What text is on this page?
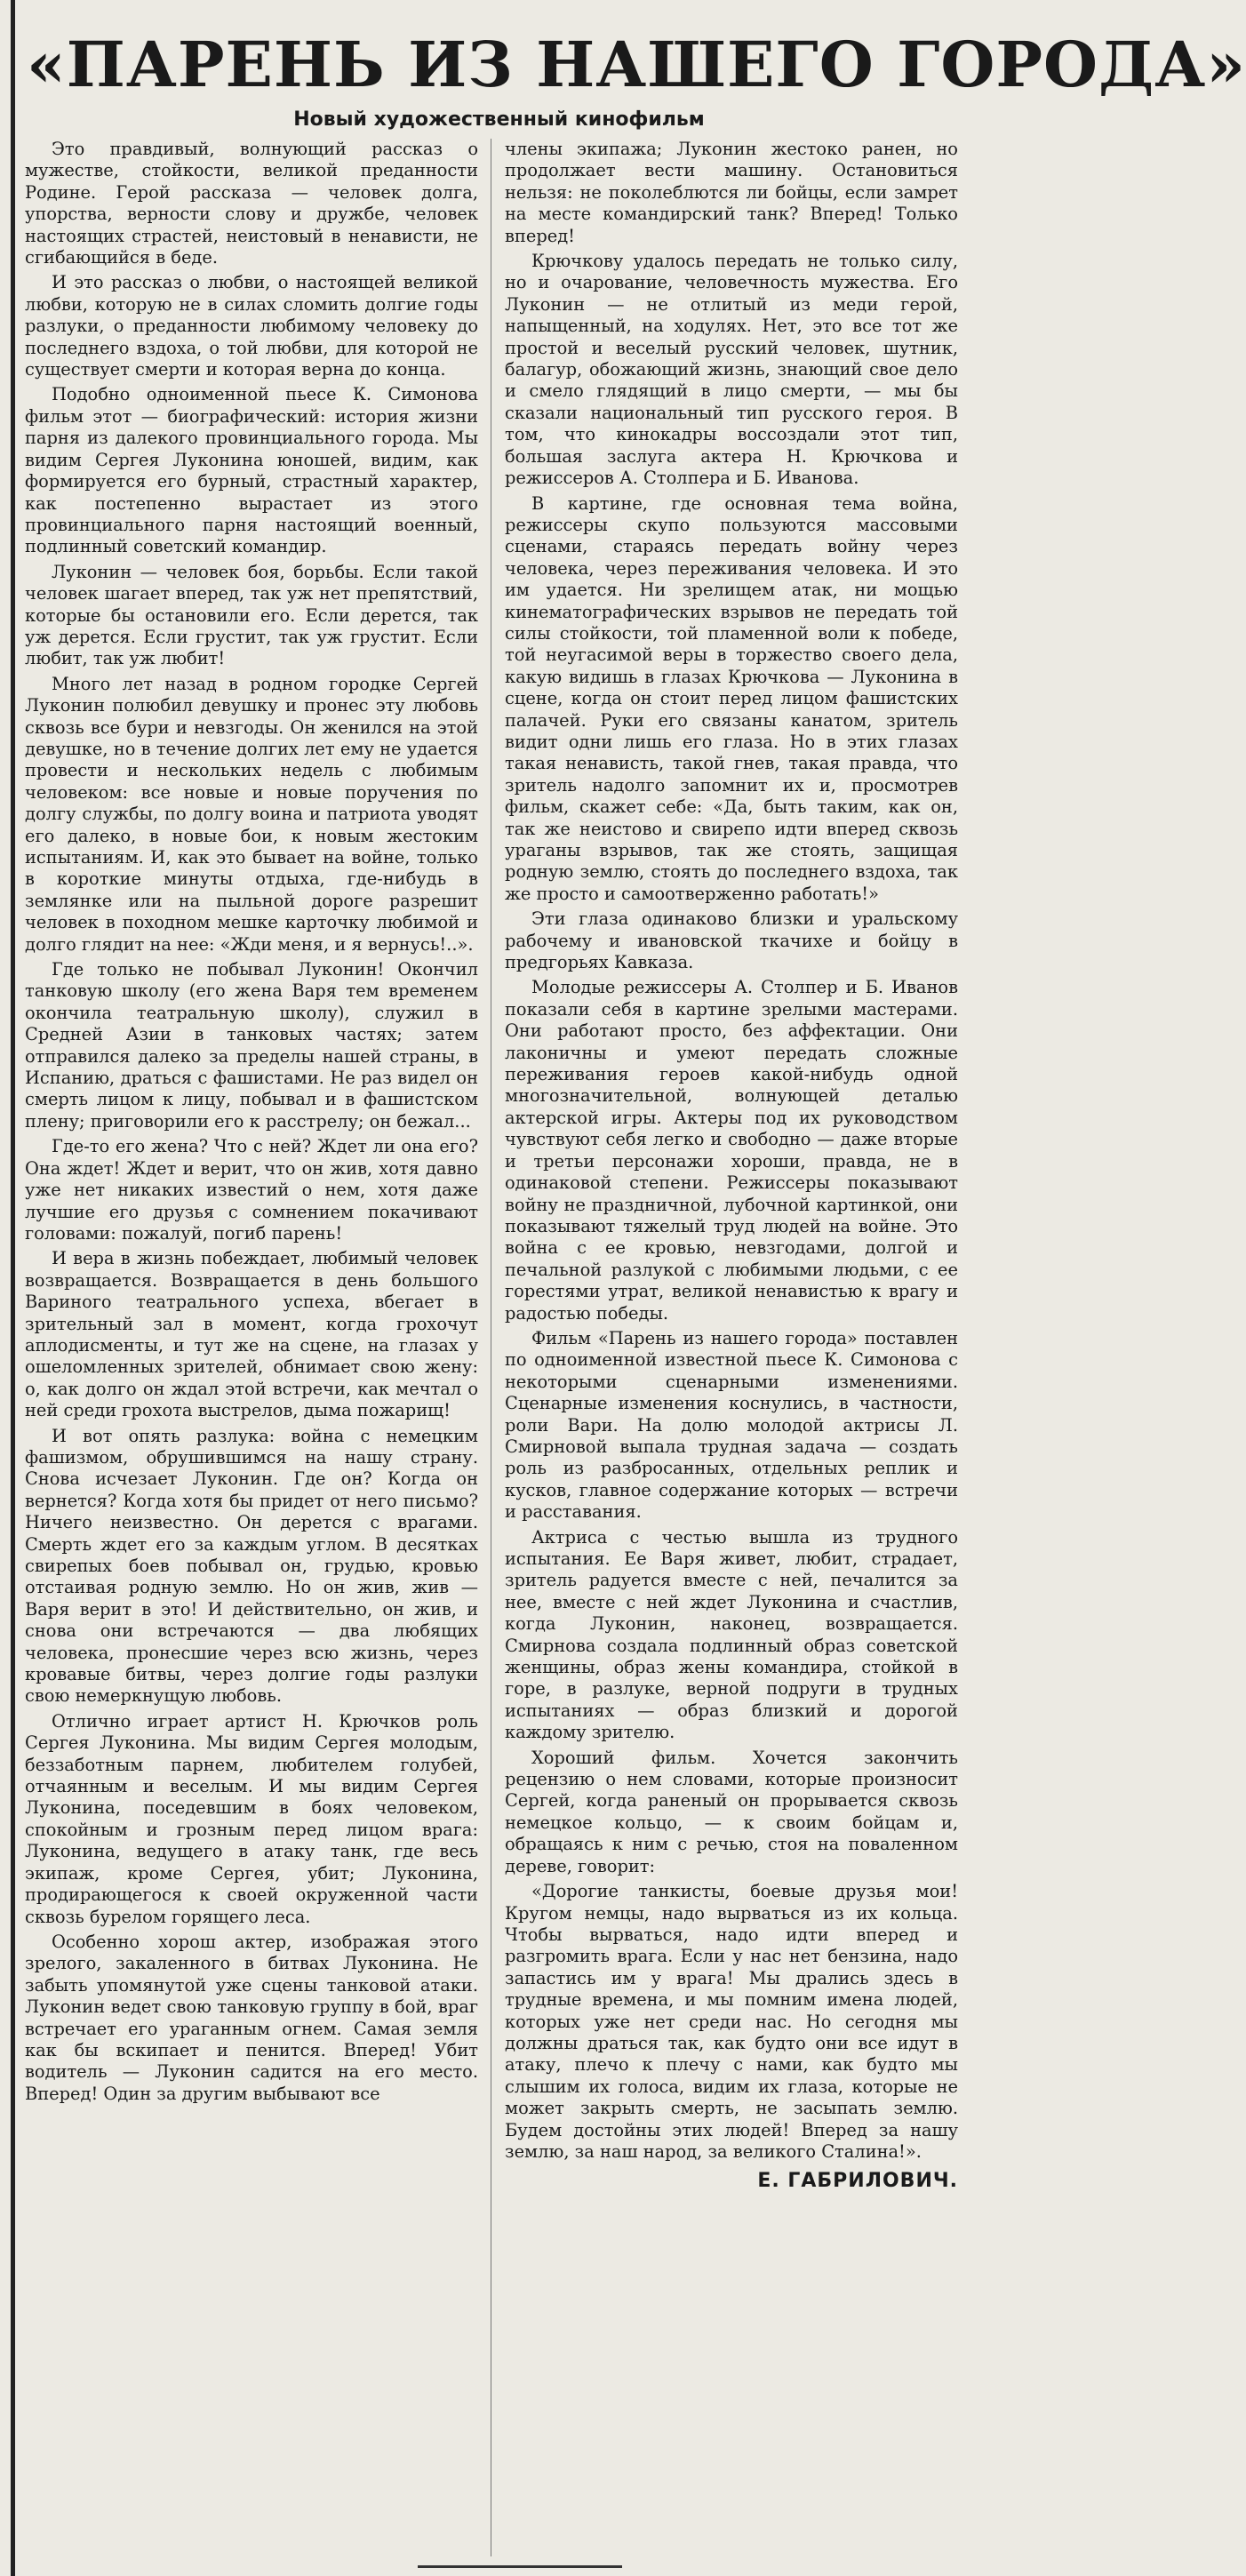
«ПАРЕНЬ ИЗ НАШЕГО ГОРОДА»
Новый художественный кинофильм

Это правдивый, волнующий рассказ о мужестве, стойкости, великой преданности Родине. Герой рассказа — человек долга, упорства, верности слову и дружбе, человек настоящих страстей, неистовый в ненависти, не сгибающийся в беде.

И это рассказ о любви, о настоящей великой любви, которую не в силах сломить долгие годы разлуки, о преданности любимому человеку до последнего вздоха, о той любви, для которой не существует смерти и которая верна до конца.

Подобно одноименной пьесе К. Симонова фильм этот — биографический: история жизни парня из далекого провинциального города. Мы видим Сергея Луконина юношей, видим, как формируется его бурный, страстный характер, как постепенно вырастает из этого провинциального парня настоящий военный, подлинный советский командир.

Луконин — человек боя, борьбы. Если такой человек шагает вперед, так уж нет препятствий, которые бы остановили его. Если дерется, так уж дерется. Если грустит, так уж грустит. Если любит, так уж любит!

Много лет назад в родном городке Сергей Луконин полюбил девушку и пронес эту любовь сквозь все бури и невзгоды. Он женился на этой девушке, но в течение долгих лет ему не удается провести и нескольких недель с любимым человеком: все новые и новые поручения по долгу службы, по долгу воина и патриота уводят его далеко, в новые бои, к новым жестоким испытаниям. И, как это бывает на войне, только в короткие минуты отдыха, где-нибудь в землянке или на пыльной дороге разрешит человек в походном мешке карточку любимой и долго глядит на нее: «Жди меня, и я вернусь!..».

Где только не побывал Луконин! Окончил танковую школу (его жена Варя тем временем окончила театральную школу), служил в Средней Азии в танковых частях; затем отправился далеко за пределы нашей страны, в Испанию, драться с фашистами. Не раз видел он смерть лицом к лицу, побывал и в фашистском плену; приговорили его к расстрелу; он бежал...

Где-то его жена? Что с ней? Ждет ли она его? Она ждет! Ждет и верит, что он жив, хотя давно уже нет никаких известий о нем, хотя даже лучшие его друзья с сомнением покачивают головами: пожалуй, погиб парень!

И вера в жизнь побеждает, любимый человек возвращается. Возвращается в день большого Вариного театрального успеха, вбегает в зрительный зал в момент, когда грохочут аплодисменты, и тут же на сцене, на глазах у ошеломленных зрителей, обнимает свою жену: о, как долго он ждал этой встречи, как мечтал о ней среди грохота выстрелов, дыма пожарищ!

И вот опять разлука: война с немецким фашизмом, обрушившимся на нашу страну. Снова исчезает Луконин. Где он? Когда он вернется? Когда хотя бы придет от него письмо? Ничего неизвестно. Он дерется с врагами. Смерть ждет его за каждым углом. В десятках свирепых боев побывал он, грудью, кровью отстаивая родную землю. Но он жив, жив — Варя верит в это! И действительно, он жив, и снова они встречаются — два любящих человека, пронесшие через всю жизнь, через кровавые битвы, через долгие годы разлуки свою немеркнущую любовь.

Отлично играет артист Н. Крючков роль Сергея Луконина. Мы видим Сергея молодым, беззаботным парнем, любителем голубей, отчаянным и веселым. И мы видим Сергея Луконина, поседевшим в боях человеком, спокойным и грозным перед лицом врага: Луконина, ведущего в атаку танк, где весь экипаж, кроме Сергея, убит; Луконина, продирающегося к своей окруженной части сквозь бурелом горящего леса.

Особенно хорош актер, изображая этого зрелого, закаленного в битвах Луконина. Не забыть упомянутой уже сцены танковой атаки. Луконин ведет свою танковую группу в бой, враг встречает его ураганным огнем. Самая земля как бы вскипает и пенится. Вперед! Убит водитель — Луконин садится на его место. Вперед! Один за другим выбывают все

члены экипажа; Луконин жестоко ранен, но продолжает вести машину. Остановиться нельзя: не поколеблются ли бойцы, если замрет на месте командирский танк? Вперед! Только вперед!

Крючкову удалось передать не только силу, но и очарование, человечность мужества. Его Луконин — не отлитый из меди герой, напыщенный, на ходулях. Нет, это все тот же простой и веселый русский человек, шутник, балагур, обожающий жизнь, знающий свое дело и смело глядящий в лицо смерти, — мы бы сказали национальный тип русского героя. В том, что кинокадры воссоздали этот тип, большая заслуга актера Н. Крючкова и режиссеров А. Столпера и Б. Иванова.

В картине, где основная тема война, режиссеры скупо пользуются массовыми сценами, стараясь передать войну через человека, через переживания человека. И это им удается. Ни зрелищем атак, ни мощью кинематографических взрывов не передать той силы стойкости, той пламенной воли к победе, той неугасимой веры в торжество своего дела, какую видишь в глазах Крючкова — Луконина в сцене, когда он стоит перед лицом фашистских палачей. Руки его связаны канатом, зритель видит одни лишь его глаза. Но в этих глазах такая ненависть, такой гнев, такая правда, что зритель надолго запомнит их и, просмотрев фильм, скажет себе: «Да, быть таким, как он, так же неистово и свирепо идти вперед сквозь ураганы взрывов, так же стоять, защищая родную землю, стоять до последнего вздоха, так же просто и самоотверженно работать!»

Эти глаза одинаково близки и уральскому рабочему и ивановской ткачихе и бойцу в предгорьях Кавказа.

Молодые режиссеры А. Столпер и Б. Иванов показали себя в картине зрелыми мастерами. Они работают просто, без аффектации. Они лаконичны и умеют передать сложные переживания героев какой-нибудь одной многозначительной, волнующей деталью актерской игры. Актеры под их руководством чувствуют себя легко и свободно — даже вторые и третьи персонажи хороши, правда, не в одинаковой степени. Режиссеры показывают войну не праздничной, лубочной картинкой, они показывают тяжелый труд людей на войне. Это война с ее кровью, невзгодами, долгой и печальной разлукой с любимыми людьми, с ее горестями утрат, великой ненавистью к врагу и радостью победы.

Фильм «Парень из нашего города» поставлен по одноименной известной пьесе К. Симонова с некоторыми сценарными изменениями. Сценарные изменения коснулись, в частности, роли Вари. На долю молодой актрисы Л. Смирновой выпала трудная задача — создать роль из разбросанных, отдельных реплик и кусков, главное содержание которых — встречи и расставания.

Актриса с честью вышла из трудного испытания. Ее Варя живет, любит, страдает, зритель радуется вместе с ней, печалится за нее, вместе с ней ждет Луконина и счастлив, когда Луконин, наконец, возвращается. Смирнова создала подлинный образ советской женщины, образ жены командира, стойкой в горе, в разлуке, верной подруги в трудных испытаниях — образ близкий и дорогой каждому зрителю.

Хороший фильм. Хочется закончить рецензию о нем словами, которые произносит Сергей, когда раненый он прорывается сквозь немецкое кольцо, — к своим бойцам и, обращаясь к ним с речью, стоя на поваленном дереве, говорит:

«Дорогие танкисты, боевые друзья мои! Кругом немцы, надо вырваться из их кольца. Чтобы вырваться, надо идти вперед и разгромить врага. Если у нас нет бензина, надо запастись им у врага! Мы дрались здесь в трудные времена, и мы помним имена людей, которых уже нет среди нас. Но сегодня мы должны драться так, как будто они все идут в атаку, плечо к плечу с нами, как будто мы слышим их голоса, видим их глаза, которые не может закрыть смерть, не засыпать землю. Будем достойны этих людей! Вперед за нашу землю, за наш народ, за великого Сталина!».

Е. ГАБРИЛОВИЧ.
